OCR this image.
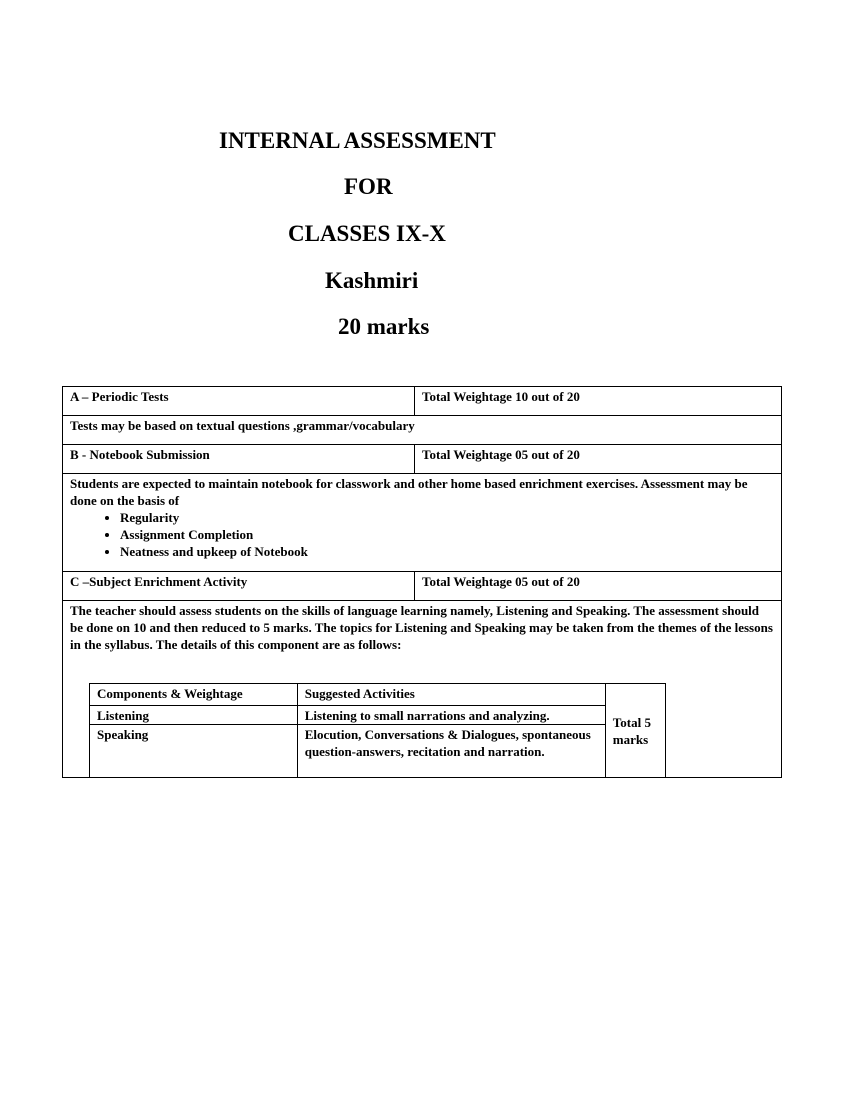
INTERNAL ASSESSMENT
FOR
CLASSES IX-X
Kashmiri
20 marks
A – Periodic Tests	Total Weightage 10 out of 20
Tests may be based on textual questions ,grammar/vocabulary
B - Notebook Submission	Total Weightage 05 out of 20

Students are expected to maintain notebook for classwork and other home based enrichment exercises. Assessment may be done on the basis of

• Regularity
• Assignment Completion
• Neatness and upkeep of Notebook

C –Subject Enrichment Activity	Total Weightage 05 out of 20

The teacher should assess students on the skills of language learning namely, Listening and Speaking. The assessment should be done on 10 and then reduced to 5 marks. The topics for Listening and Speaking may be taken from the themes of the lessons in the syllabus. The details of this component are as follows:

Components & Weightage	Suggested Activities	Total 5 marks
Listening	Listening to small narrations and analyzing.
Speaking	Elocution, Conversations & Dialogues, spontaneous question-answers, recitation and narration.
